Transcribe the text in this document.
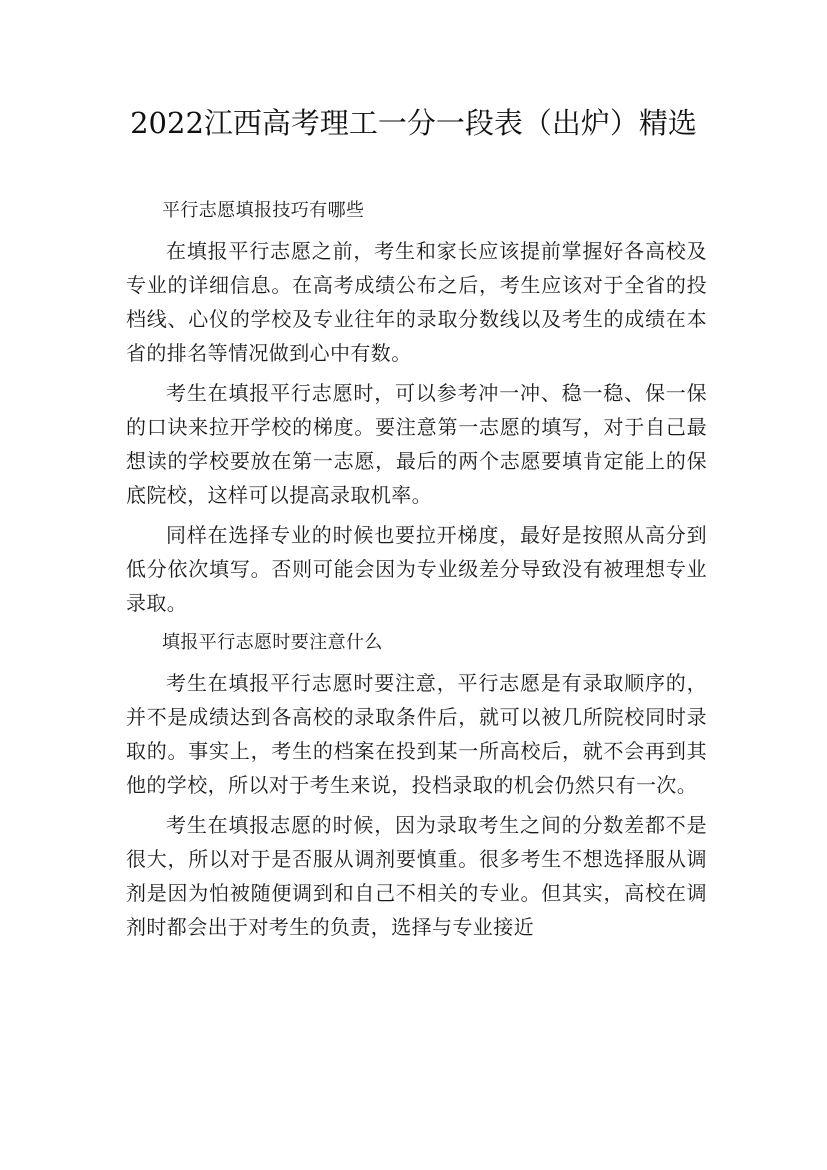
2022江西高考理工一分一段表（出炉）精选

平行志愿填报技巧有哪些

在填报平行志愿之前，考生和家长应该提前掌握好各高校及专业的详细信息。在高考成绩公布之后，考生应该对于全省的投档线、心仪的学校及专业往年的录取分数线以及考生的成绩在本省的排名等情况做到心中有数。

考生在填报平行志愿时，可以参考冲一冲、稳一稳、保一保的口诀来拉开学校的梯度。要注意第一志愿的填写，对于自己最想读的学校要放在第一志愿，最后的两个志愿要填肯定能上的保底院校，这样可以提高录取机率。

同样在选择专业的时候也要拉开梯度，最好是按照从高分到低分依次填写。否则可能会因为专业级差分导致没有被理想专业录取。

填报平行志愿时要注意什么

考生在填报平行志愿时要注意，平行志愿是有录取顺序的，并不是成绩达到各高校的录取条件后，就可以被几所院校同时录取的。事实上，考生的档案在投到某一所高校后，就不会再到其他的学校，所以对于考生来说，投档录取的机会仍然只有一次。

考生在填报志愿的时候，因为录取考生之间的分数差都不是很大，所以对于是否服从调剂要慎重。很多考生不想选择服从调剂是因为怕被随便调到和自己不相关的专业。但其实，高校在调剂时都会出于对考生的负责，选择与专业接近
